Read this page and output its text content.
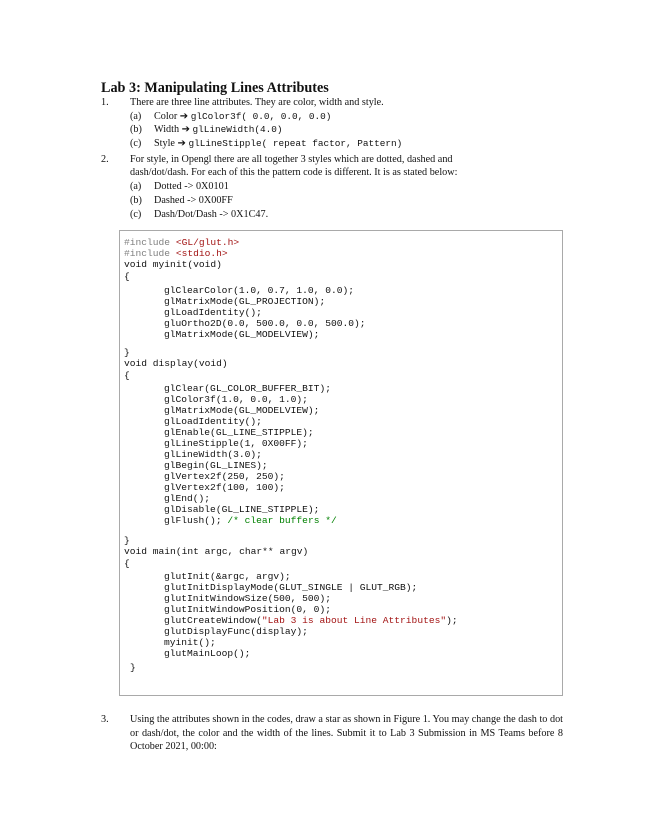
Lab 3: Manipulating Lines Attributes
1.	There are three line attributes. They are color, width and style.
(a) Color ➔ glColor3f( 0.0, 0.0, 0.0)
(b) Width ➔ glLineWidth(4.0)
(c) Style ➔ glLineStipple( repeat factor, Pattern)
2.	For style, in Opengl there are all together 3 styles which are dotted, dashed and
dash/dot/dash. For each of this the pattern code is different. It is as stated below:
(a) Dotted -> 0X0101
(b) Dashed -> 0X00FF
(c) Dash/Dot/Dash -> 0X1C47.
#include <GL/glut.h>
#include <stdio.h>
void myinit(void)
{
glClearColor(1.0, 0.7, 1.0, 0.0);
glMatrixMode(GL_PROJECTION);
glLoadIdentity();
gluOrtho2D(0.0, 500.0, 0.0, 500.0);
glMatrixMode(GL_MODELVIEW);
}
void display(void)
{
glClear(GL_COLOR_BUFFER_BIT);
glColor3f(1.0, 0.0, 1.0);
glMatrixMode(GL_MODELVIEW);
glLoadIdentity();
glEnable(GL_LINE_STIPPLE);
glLineStipple(1, 0X00FF);
glLineWidth(3.0);
glBegin(GL_LINES);
glVertex2f(250, 250);
glVertex2f(100, 100);
glEnd();
glDisable(GL_LINE_STIPPLE);
glFlush(); /* clear buffers */
}
void main(int argc, char** argv)
{
glutInit(&argc, argv);
glutInitDisplayMode(GLUT_SINGLE | GLUT_RGB);
glutInitWindowSize(500, 500);
glutInitWindowPosition(0, 0);
glutCreateWindow("Lab 3 is about Line Attributes");
glutDisplayFunc(display);
myinit();
glutMainLoop();
}
3.	Using the attributes shown in the codes, draw a star as shown in Figure 1. You may change the dash to dot or dash/dot, the color and the width of the lines. Submit it to Lab 3 Submission in MS Teams before 8 October 2021, 00:00:
